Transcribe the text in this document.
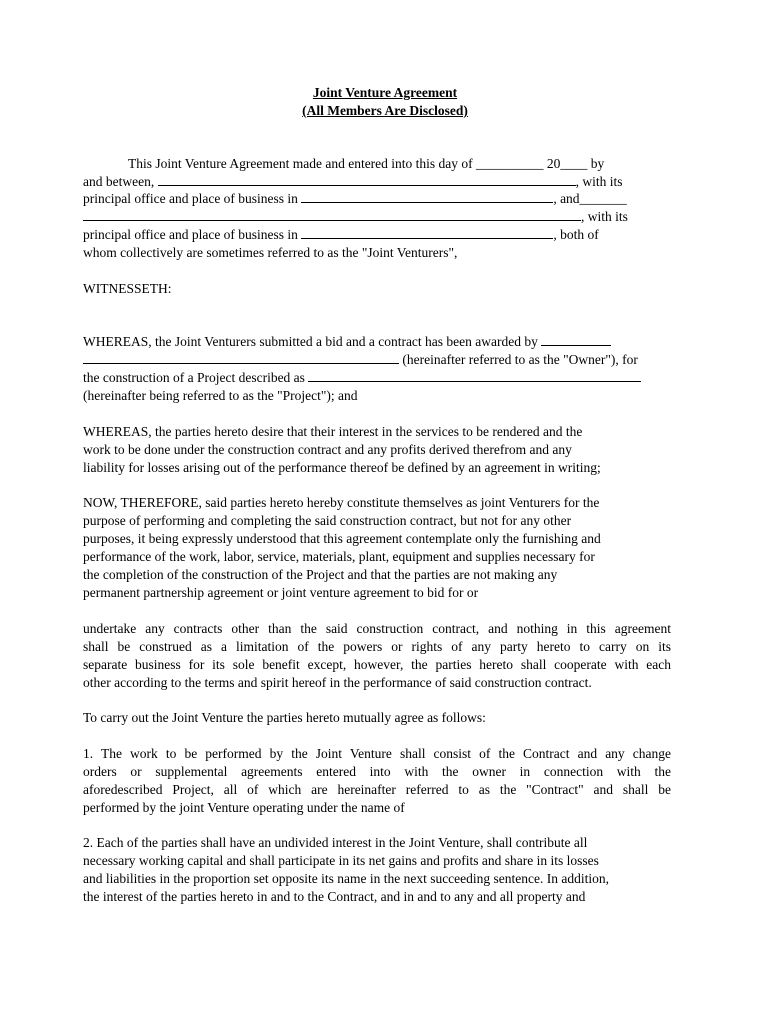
Joint Venture Agreement
(All Members Are Disclosed)
This Joint Venture Agreement made and entered into this day of __________ 20____ by
and between,	, with its
principal office and place of business in	, and_______
, with its
principal office and place of business in	, both of
whom collectively are sometimes referred to as the "Joint Venturers",
WITNESSETH:
WHEREAS, the Joint Venturers submitted a bid and a contract has been awarded by
(hereinafter referred to as the "Owner"), for
the construction of a Project described as
(hereinafter being referred to as the "Project"); and
WHEREAS, the parties hereto desire that their interest in the services to be rendered and the
work to be done under the construction contract and any profits derived therefrom and any
liability for losses arising out of the performance thereof be defined by an agreement in writing;
NOW, THEREFORE, said parties hereto hereby constitute themselves as joint Venturers for the
purpose of performing and completing the said construction contract, but not for any other
purposes, it being expressly understood that this agreement contemplate only the furnishing and
performance of the work, labor, service, materials, plant, equipment and supplies necessary for
the completion of the construction of the Project and that the parties are not making any
permanent partnership agreement or joint venture agreement to bid for or
undertake any contracts other than the said construction contract, and nothing in this agreement
shall be construed as a limitation of the powers or rights of any party hereto to carry on its
separate business for its sole benefit except, however, the parties hereto shall cooperate with each
other according to the terms and spirit hereof in the performance of said construction contract.
To carry out the Joint Venture the parties hereto mutually agree as follows:
1. The work to be performed by the Joint Venture shall consist of the Contract and any change
orders or supplemental agreements entered into with the owner in connection with the
aforedescribed Project, all of which are hereinafter referred to as the "Contract" and shall be
performed by the joint Venture operating under the name of
2. Each of the parties shall have an undivided interest in the Joint Venture, shall contribute all
necessary working capital and shall participate in its net gains and profits and share in its losses
and liabilities in the proportion set opposite its name in the next succeeding sentence. In addition,
the interest of the parties hereto in and to the Contract, and in and to any and all property and
